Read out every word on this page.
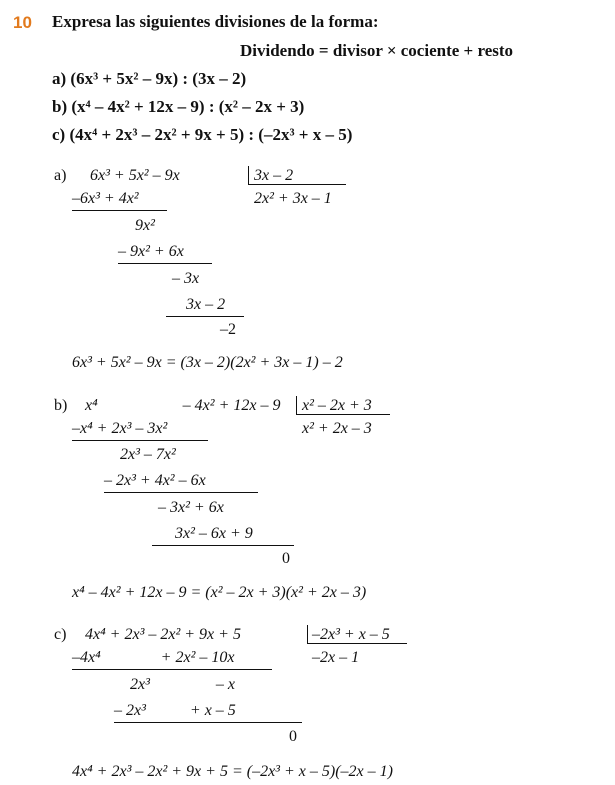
10 Expresa las siguientes divisiones de la forma:
Dividendo = divisor × cociente + resto
a) (6x³ + 5x² – 9x) : (3x – 2)
b) (x⁴ – 4x² + 12x – 9) : (x² – 2x + 3)
c) (4x⁴ + 2x³ – 2x² + 9x + 5) : (–2x³ + x – 5)
a) 6x³ + 5x² – 9x	3x – 2
2x² + 3x – 1
–6x³ + 4x²
9x²
– 9x² + 6x
– 3x
3x – 2
–2
6x³ + 5x² – 9x = (3x – 2)(2x² + 3x – 1) – 2
b) x⁴	– 4x² + 12x – 9 x² – 2x + 3
x² + 2x – 3
–x⁴ + 2x³ – 3x²
2x³ – 7x²
– 2x³ + 4x² – 6x
– 3x² + 6x
3x² – 6x + 9
0
x⁴ – 4x² + 12x – 9 = (x² – 2x + 3)(x² + 2x – 3)
c) 4x⁴ + 2x³ – 2x² + 9x + 5	–2x³ + x – 5
–2x – 1
–4x⁴	+ 2x² – 10x
2x³	– x
– 2x³	+ x – 5
0
4x⁴ + 2x³ – 2x² + 9x + 5 = (–2x³ + x – 5)(–2x – 1)
